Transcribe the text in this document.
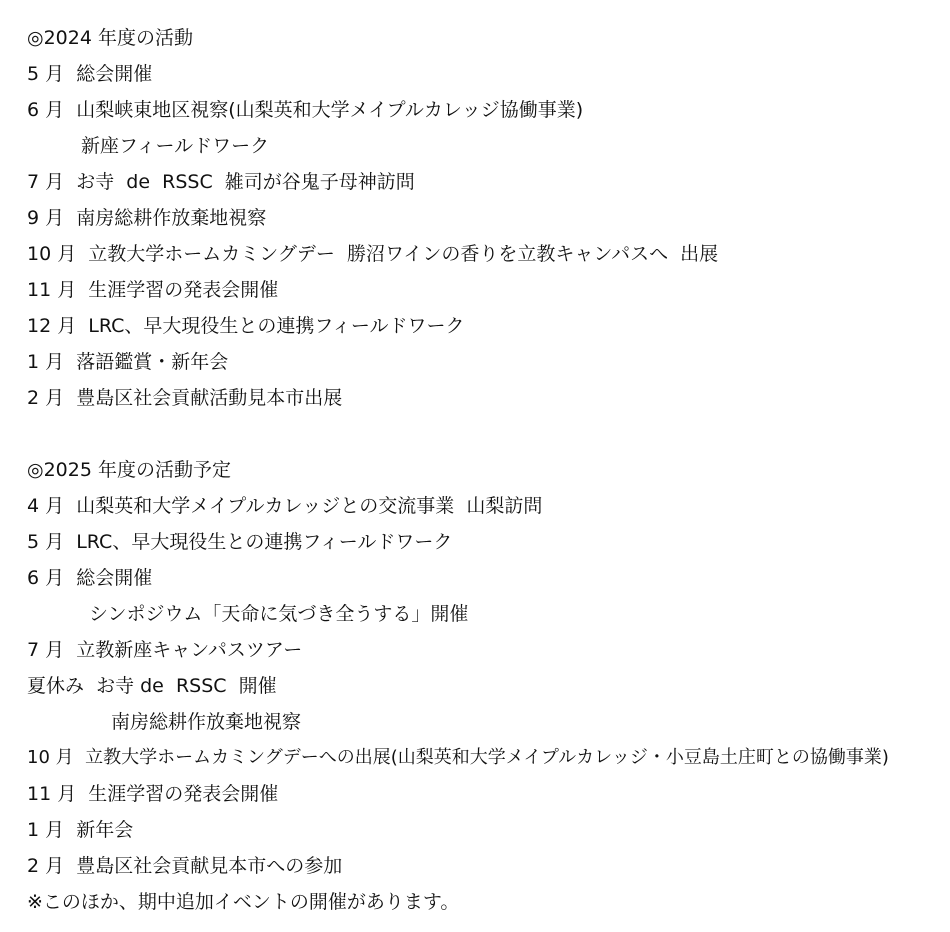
◎2024 年度の活動
5 月  総会開催
6 月  山梨峡東地区視察(山梨英和大学メイプルカレッジ協働事業)
新座フィールドワーク
7 月  お寺  de  RSSC  雑司が谷鬼子母神訪問
9 月  南房総耕作放棄地視察
10 月  立教大学ホームカミングデー  勝沼ワインの香りを立教キャンパスへ  出展
11 月  生涯学習の発表会開催
12 月  LRC、早大現役生との連携フィールドワーク
1 月  落語鑑賞・新年会
2 月  豊島区社会貢献活動見本市出展
◎2025 年度の活動予定
4 月  山梨英和大学メイプルカレッジとの交流事業  山梨訪問
5 月  LRC、早大現役生との連携フィールドワーク
6 月  総会開催
シンポジウム「天命に気づき全うする」開催
7 月  立教新座キャンパスツアー
夏休み  お寺 de  RSSC  開催
南房総耕作放棄地視察
10 月  立教大学ホームカミングデーへの出展(山梨英和大学メイプルカレッジ・小豆島土庄町との協働事業)
11 月  生涯学習の発表会開催
1 月  新年会
2 月  豊島区社会貢献見本市への参加
※このほか、期中追加イベントの開催があります。
